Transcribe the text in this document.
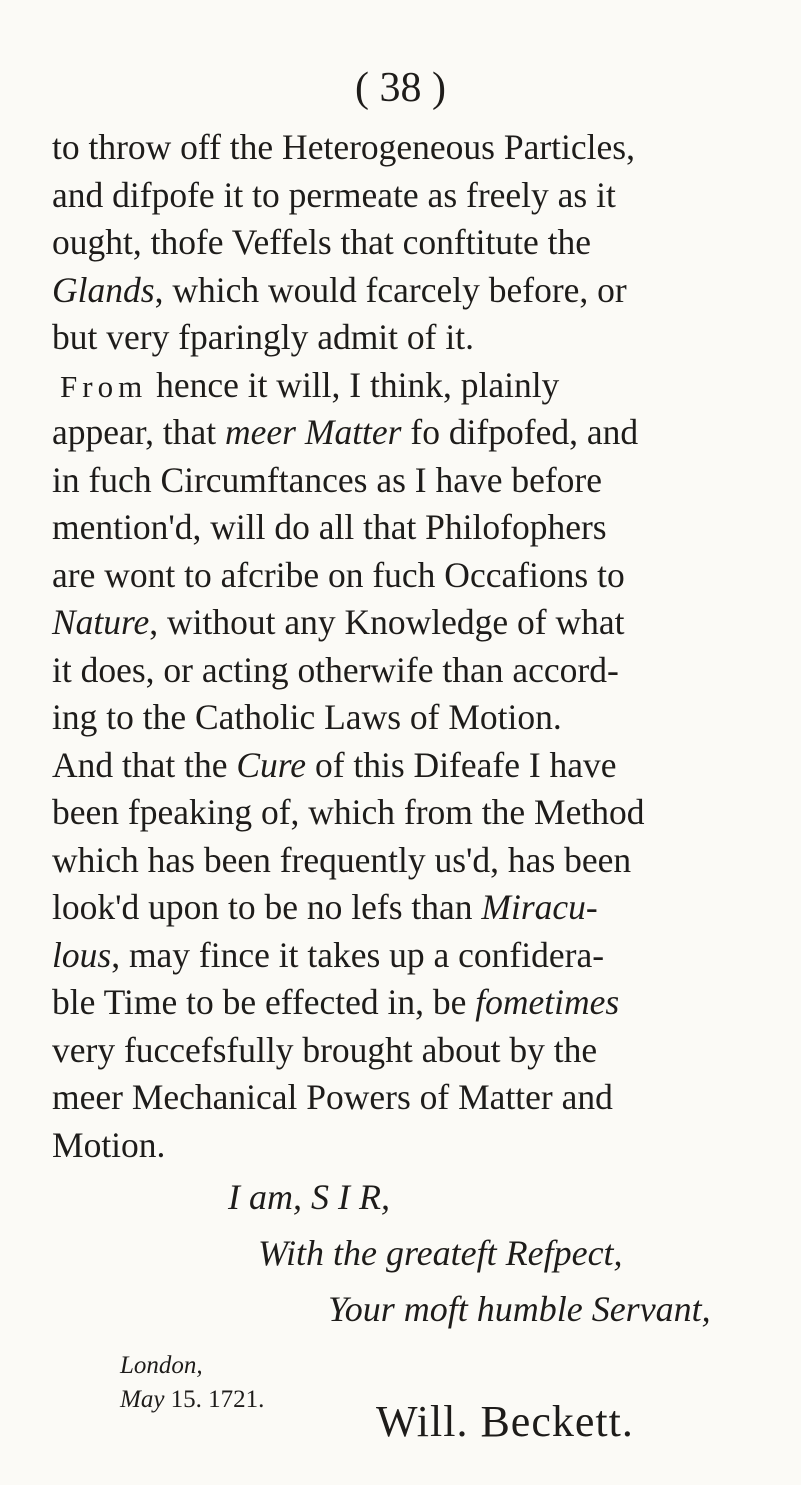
( 38 )
to throw off the Heterogeneous Particles,
and difpofe it to permeate as freely as it
ought, thofe Veffels that conftitute the
Glands, which would fcarcely before, or
but very fparingly admit of it.
From hence it will, I think, plainly
appear, that meer Matter fo difpofed, and
in fuch Circumftances as I have before
mention'd, will do all that Philofophers
are wont to afcribe on fuch Occafions to
Nature, without any Knowledge of what
it does, or acting otherwife than accord-
ing to the Catholic Laws of Motion.
And that the Cure of this Difeafe I have
been fpeaking of, which from the Method
which has been frequently us'd, has been
look'd upon to be no lefs than Miracu-
lous, may fince it takes up a confidera-
ble Time to be effected in, be fometimes
very fuccefsfully brought about by the
meer Mechanical Powers of Matter and
Motion.
I am, S I R,
With the greateft Refpect,
Your moft humble Servant,
London,
May 15. 1721.	Will. Beckett.
